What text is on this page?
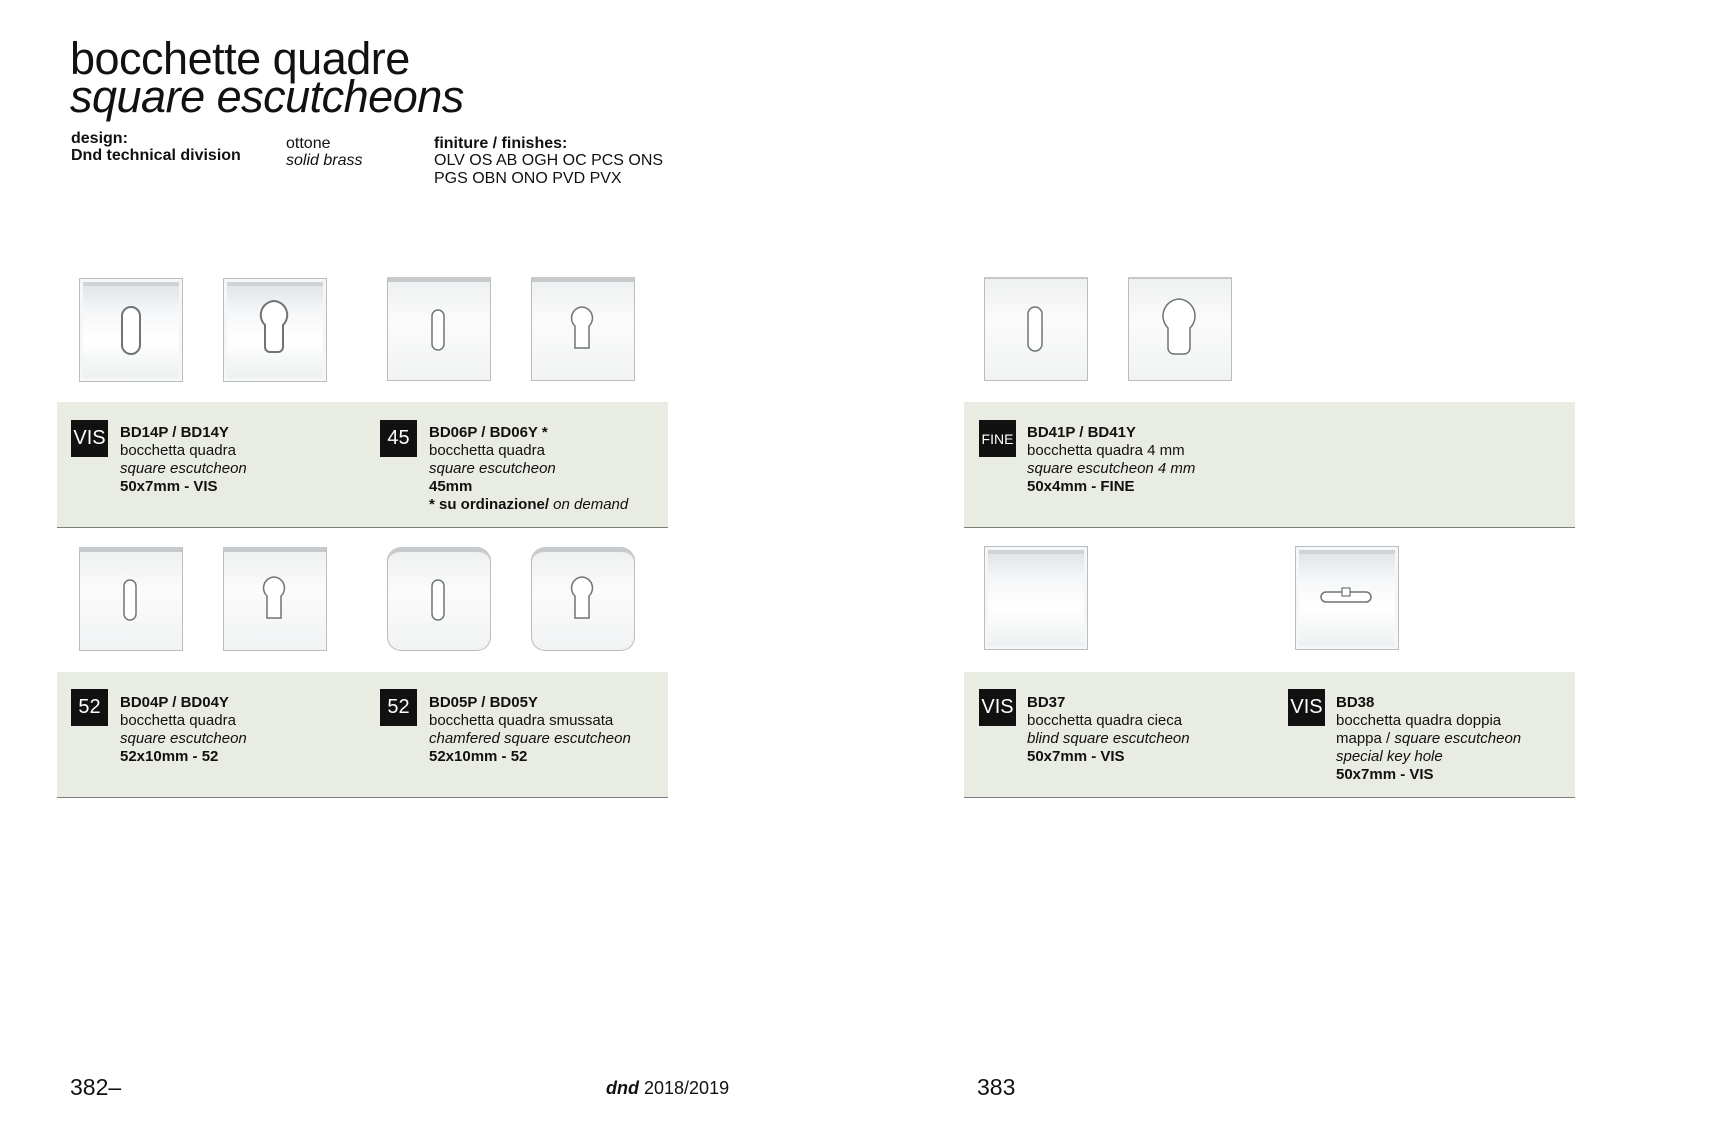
bocchette quadre
square escutcheons
design:
Dnd technical division
ottone
solid brass
finiture / finishes:
OLV OS AB OGH OC PCS ONS
PGS OBN ONO PVD PVX
VIS BD14P / BD14Y
bocchetta quadra
square escutcheon
50x7mm - VIS
45	BD06P / BD06Y *
bocchetta quadra
square escutcheon
45mm
* su ordinazione/ on demand
FINE BD41P / BD41Y
bocchetta quadra 4 mm
square escutcheon 4 mm
50x4mm - FINE
52	BD04P / BD04Y
bocchetta quadra
square escutcheon
52x10mm - 52
52	BD05P / BD05Y
bocchetta quadra smussata
chamfered square escutcheon
52x10mm - 52
VIS BD37
bocchetta quadra cieca
blind square escutcheon
50x7mm - VIS
VIS BD38
bocchetta quadra doppia
mappa / square escutcheon
special key hole
50x7mm - VIS
382–	dnd 2018/2019	383
